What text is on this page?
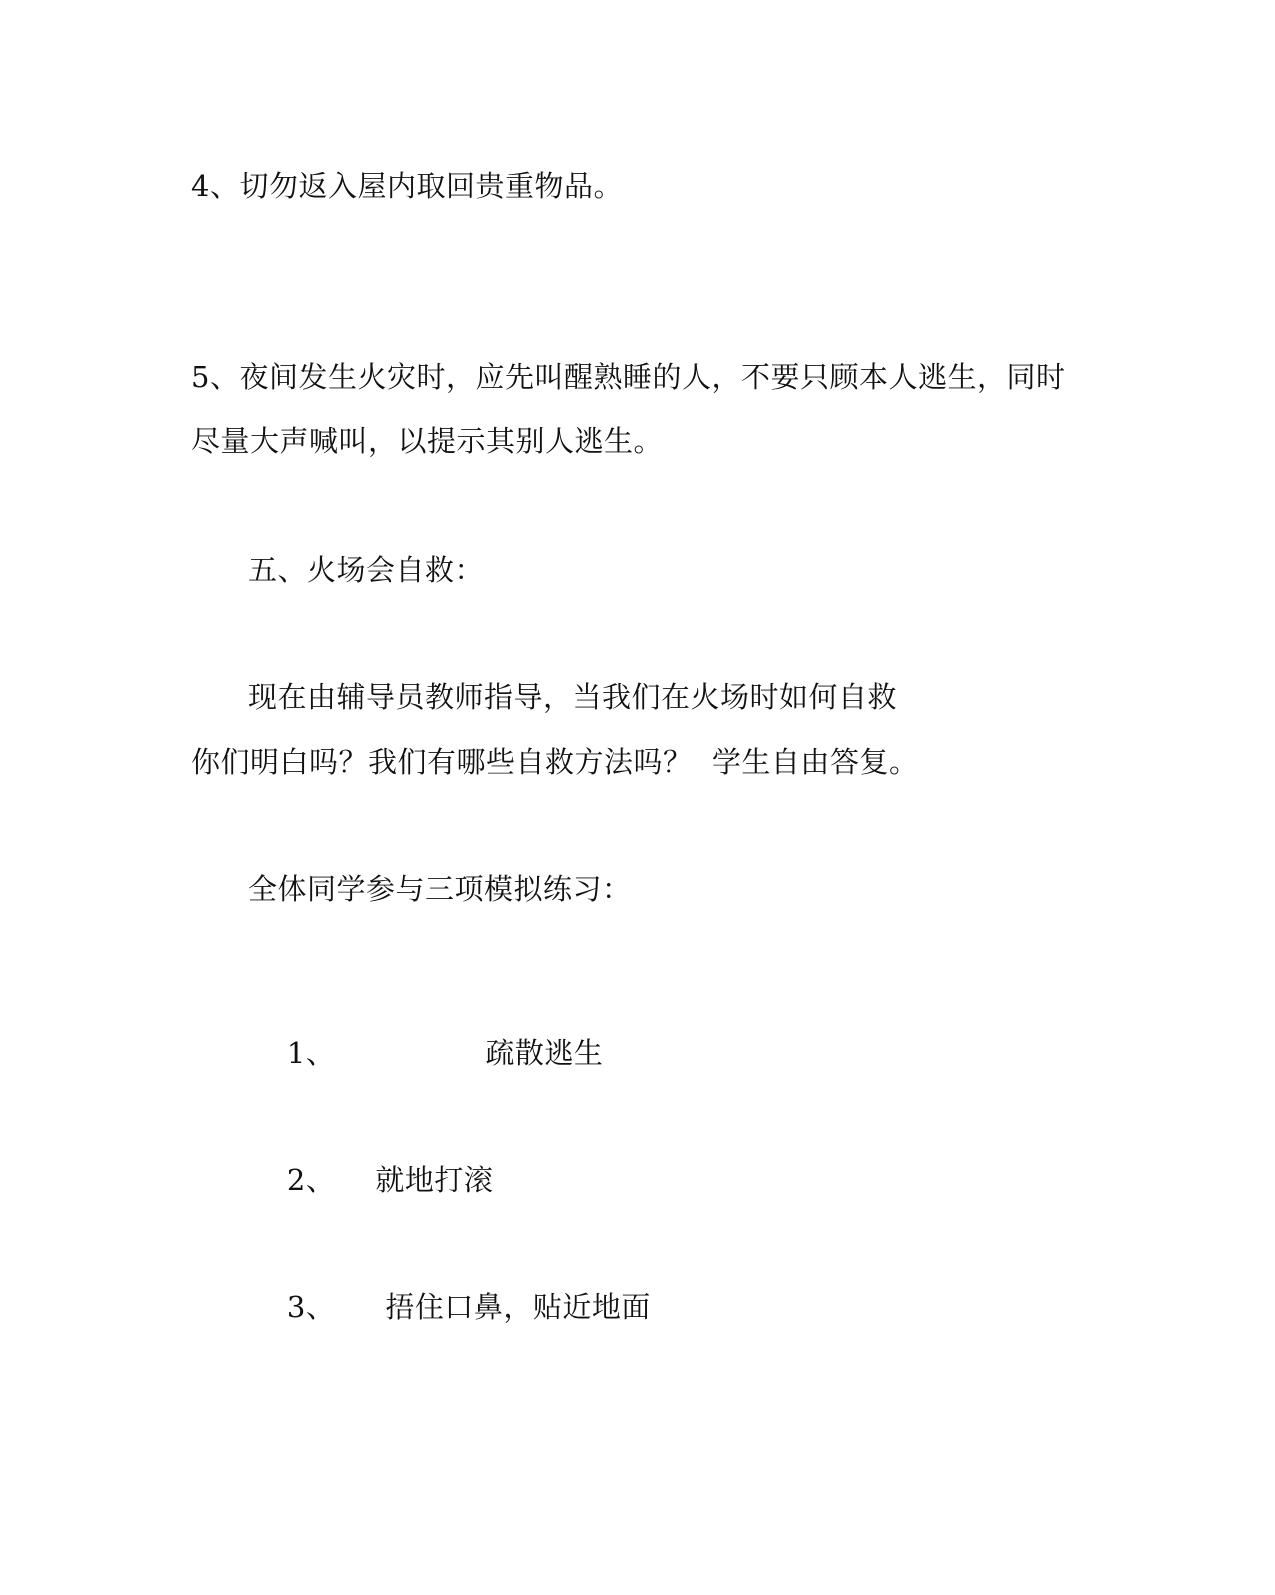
4、切勿返入屋内取回贵重物品。
5、夜间发生火灾时，应先叫醒熟睡的人，不要只顾本人逃生，同时
尽量大声喊叫，以提示其别人逃生。
五、火场会自救：
现在由辅导员教师指导，当我们在火场时如何自救
你们明白吗？我们有哪些自救方法吗？  学生自由答复。
全体同学参与三项模拟练习：

1、	疏散逃生

2、 就地打滚

3、 捂住口鼻，贴近地面
